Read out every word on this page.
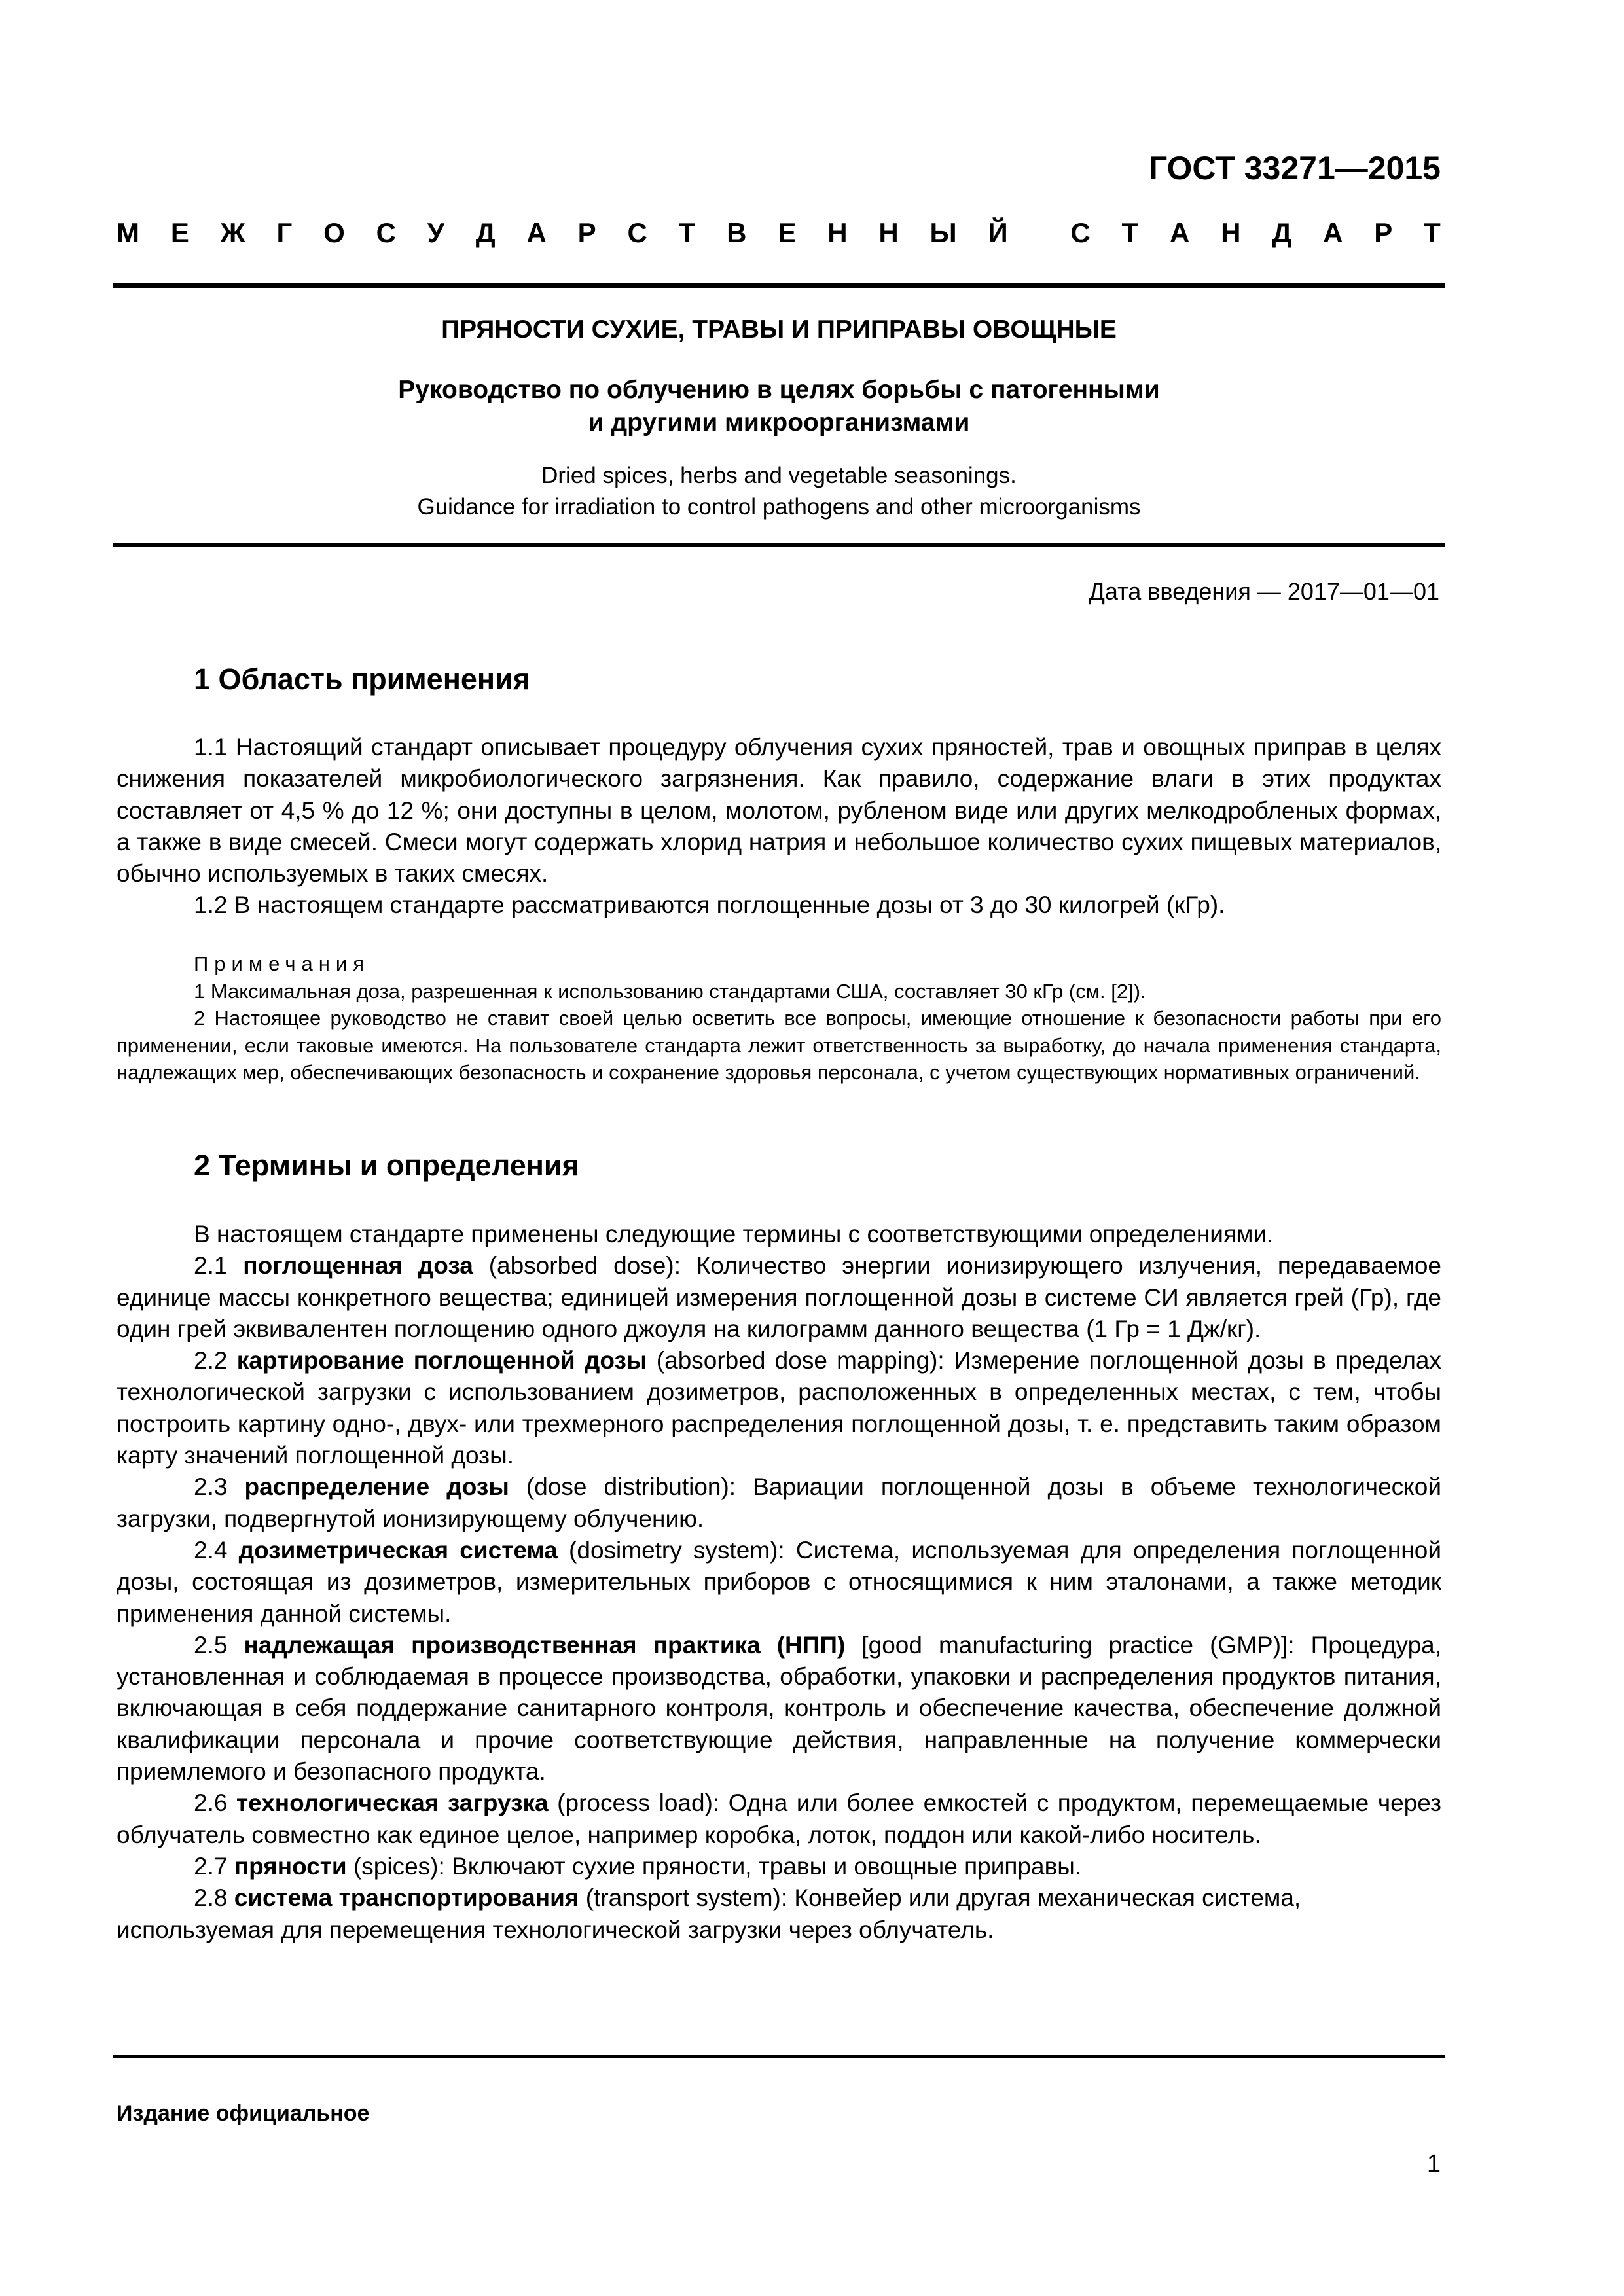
ГОСТ 33271—2015
М Е Ж Г О С У Д А Р С Т В Е Н Н Ы Й С Т А Н Д А Р Т
ПРЯНОСТИ СУХИЕ, ТРАВЫ И ПРИПРАВЫ ОВОЩНЫЕ
Руководство по облучению в целях борьбы с патогенными
и другими микроорганизмами
Dried spices, herbs and vegetable seasonings.
Guidance for irradiation to control pathogens and other microorganisms
Дата введения — 2017—01—01
1 Область применения

1.1 Настоящий стандарт описывает процедуру облучения сухих пряностей, трав и овощных приправ в целях снижения показателей микробиологического загрязнения. Как правило, содержание влаги в этих продуктах составляет от 4,5 % до 12 %; они доступны в целом, молотом, рубленом виде или других мелкодробленых формах, а также в виде смесей. Смеси могут содержать хлорид натрия и небольшое количество сухих пищевых материалов, обычно используемых в таких смесях.

1.2 В настоящем стандарте рассматриваются поглощенные дозы от 3 до 30 килогрей (кГр).

Примечания

1 Максимальная доза, разрешенная к использованию стандартами США, составляет 30 кГр (см. [2]).

2 Настоящее руководство не ставит своей целью осветить все вопросы, имеющие отношение к безопасности работы при его применении, если таковые имеются. На пользователе стандарта лежит ответственность за выработку, до начала применения стандарта, надлежащих мер, обеспечивающих безопасность и сохранение здоровья персонала, с учетом существующих нормативных ограничений.

2 Термины и определения

В настоящем стандарте применены следующие термины с соответствующими определениями.

2.1 поглощенная доза (absorbed dose): Количество энергии ионизирующего излучения, передаваемое единице массы конкретного вещества; единицей измерения поглощенной дозы в системе СИ является грей (Гр), где один грей эквивалентен поглощению одного джоуля на килограмм данного вещества (1 Гр = 1 Дж/кг).

2.2 картирование поглощенной дозы (absorbed dose mapping): Измерение поглощенной дозы в пределах технологической загрузки с использованием дозиметров, расположенных в определенных местах, с тем, чтобы построить картину одно-, двух- или трехмерного распределения поглощенной дозы, т. е. представить таким образом карту значений поглощенной дозы.

2.3 распределение дозы (dose distribution): Вариации поглощенной дозы в объеме технологической загрузки, подвергнутой ионизирующему облучению.

2.4 дозиметрическая система (dosimetry system): Система, используемая для определения поглощенной дозы, состоящая из дозиметров, измерительных приборов с относящимися к ним эталонами, а также методик применения данной системы.

2.5 надлежащая производственная практика (НПП) [good manufacturing practice (GMP)]: Процедура, установленная и соблюдаемая в процессе производства, обработки, упаковки и распределения продуктов питания, включающая в себя поддержание санитарного контроля, контроль и обеспечение качества, обеспечение должной квалификации персонала и прочие соответствующие действия, направленные на получение коммерчески приемлемого и безопасного продукта.

2.6 технологическая загрузка (process load): Одна или более емкостей с продуктом, перемещаемые через облучатель совместно как единое целое, например коробка, лоток, поддон или какой-либо носитель.

2.7 пряности (spices): Включают сухие пряности, травы и овощные приправы.

2.8 система транспортирования (transport system): Конвейер или другая механическая система, используемая для перемещения технологической загрузки через облучатель.

Издание официальное
1
